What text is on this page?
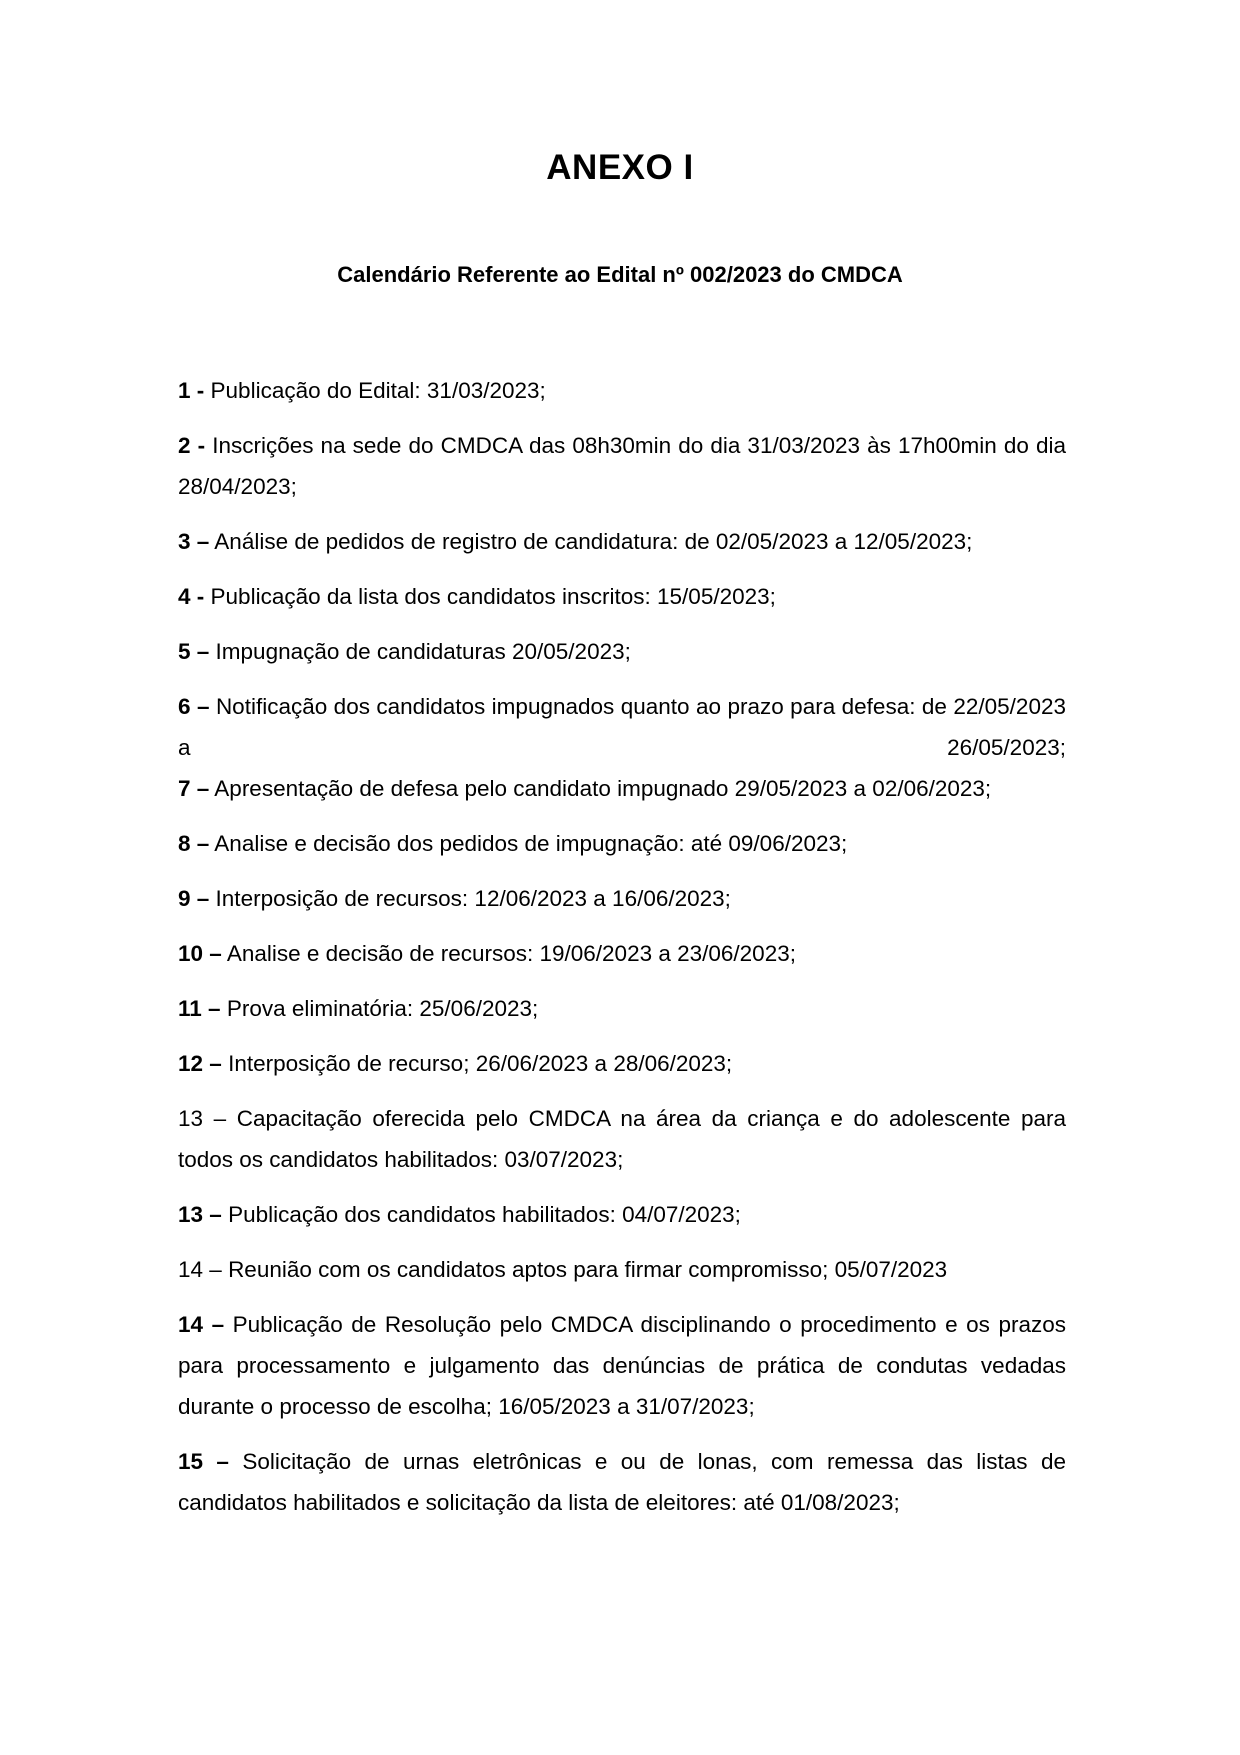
ANEXO I
Calendário Referente ao Edital nº 002/2023 do CMDCA

1 - Publicação do Edital: 31/03/2023;

2 - Inscrições na sede do CMDCA das 08h30min do dia 31/03/2023 às 17h00min do dia 28/04/2023;

3 – Análise de pedidos de registro de candidatura: de 02/05/2023 a 12/05/2023;

4 - Publicação da lista dos candidatos inscritos: 15/05/2023;

5 – Impugnação de candidaturas 20/05/2023;

6 – Notificação dos candidatos impugnados quanto ao prazo para defesa: de 22/05/2023 a 26/05/2023;

7 – Apresentação de defesa pelo candidato impugnado 29/05/2023 a 02/06/2023;

8 – Analise e decisão dos pedidos de impugnação: até 09/06/2023;

9 – Interposição de recursos: 12/06/2023 a 16/06/2023;

10 – Analise e decisão de recursos: 19/06/2023 a 23/06/2023;

11 – Prova eliminatória: 25/06/2023;

12 – Interposição de recurso; 26/06/2023 a 28/06/2023;

13 – Capacitação oferecida pelo CMDCA na área da criança e do adolescente para todos os candidatos habilitados: 03/07/2023;

13 – Publicação dos candidatos habilitados: 04/07/2023;

14 – Reunião com os candidatos aptos para firmar compromisso; 05/07/2023

14 – Publicação de Resolução pelo CMDCA disciplinando o procedimento e os prazos para processamento e julgamento das denúncias de prática de condutas vedadas durante o processo de escolha; 16/05/2023 a 31/07/2023;

15 – Solicitação de urnas eletrônicas e ou de lonas, com remessa das listas de candidatos habilitados e solicitação da lista de eleitores: até 01/08/2023;
